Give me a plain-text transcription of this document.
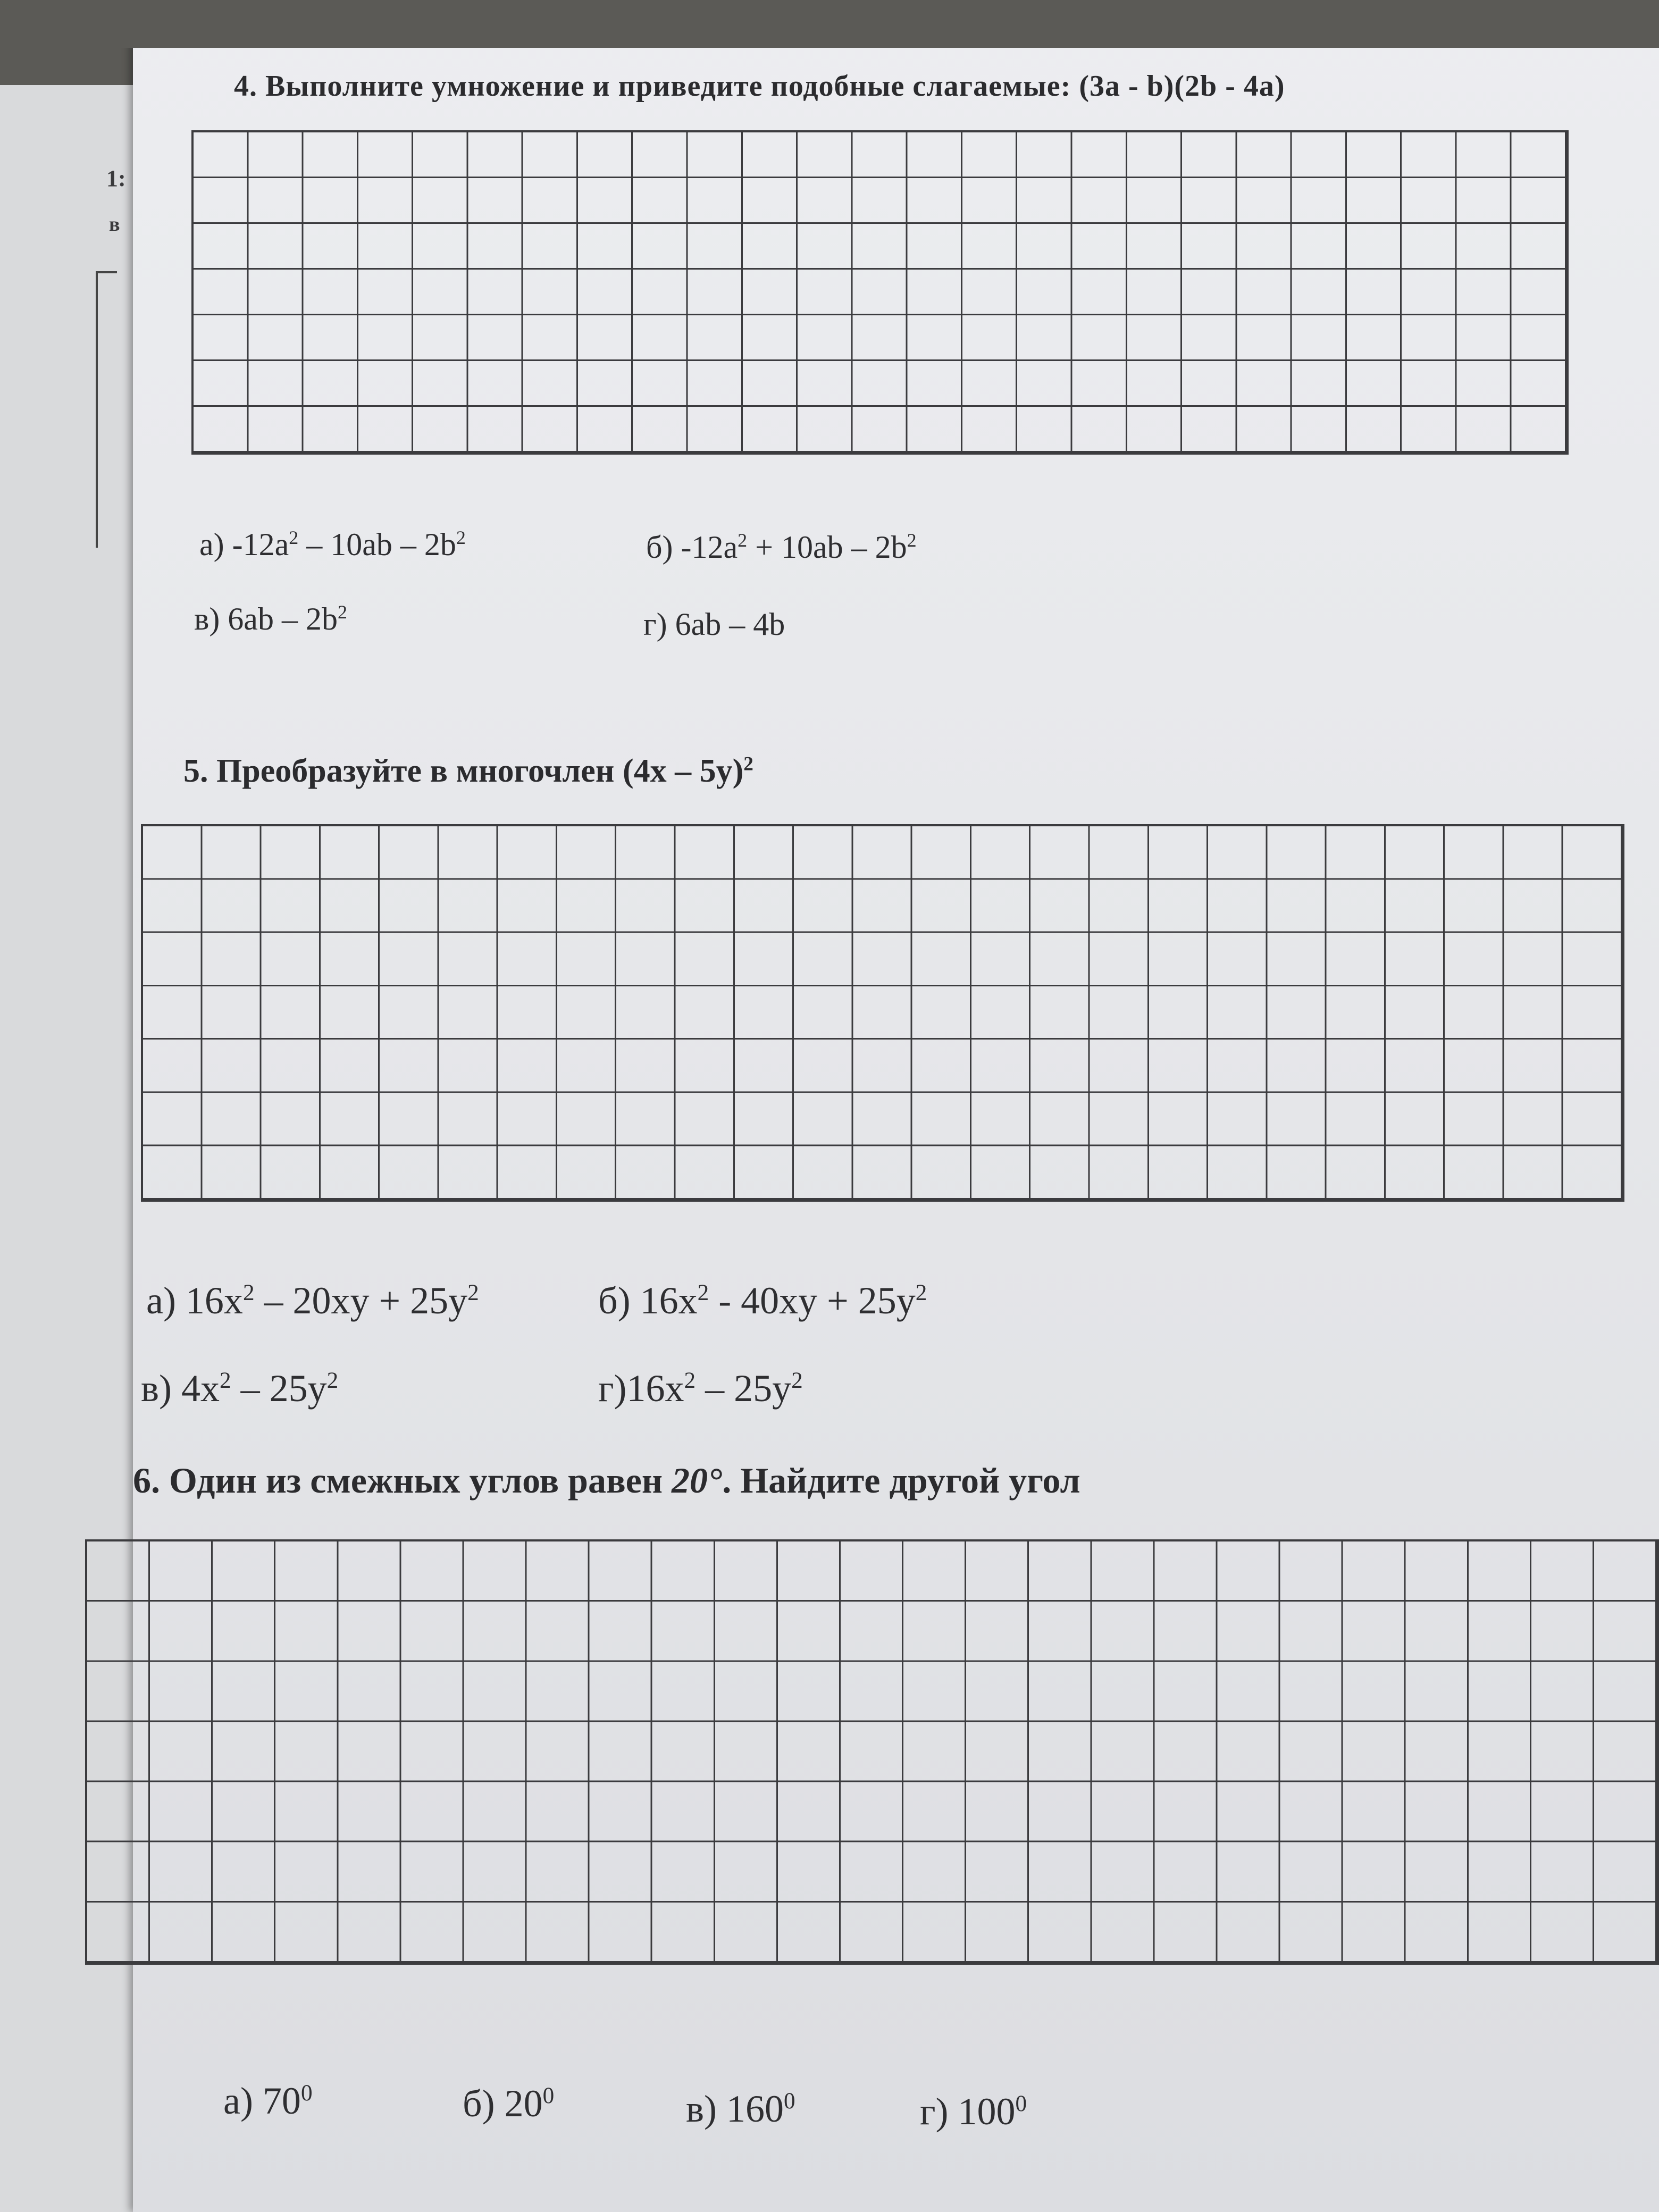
1:
в
4. Выполните умножение и приведите подобные слагаемые: (3а - b)(2b - 4a)
а) $-12a^2 - 10ab - 2b^2$	б) $-12a^2 + 10ab - 2b^2$
в) $6ab - 2b^2$	г) 6ab – 4b
5. Преобразуйте в многочлен (4х – 5у)$^2$
а) $16x^2 - 20xy + 25y^2$	б) $16x^2 - 40xy + 25y^2$
в) $4x^2 - 25y^2$	$г)16x^2 - 25y^2$
6. Один из смежных углов равен 20°. Найдите другой угол
а) $70^0$	б) $20^0$	в) $160^0$	г) $100^0$
